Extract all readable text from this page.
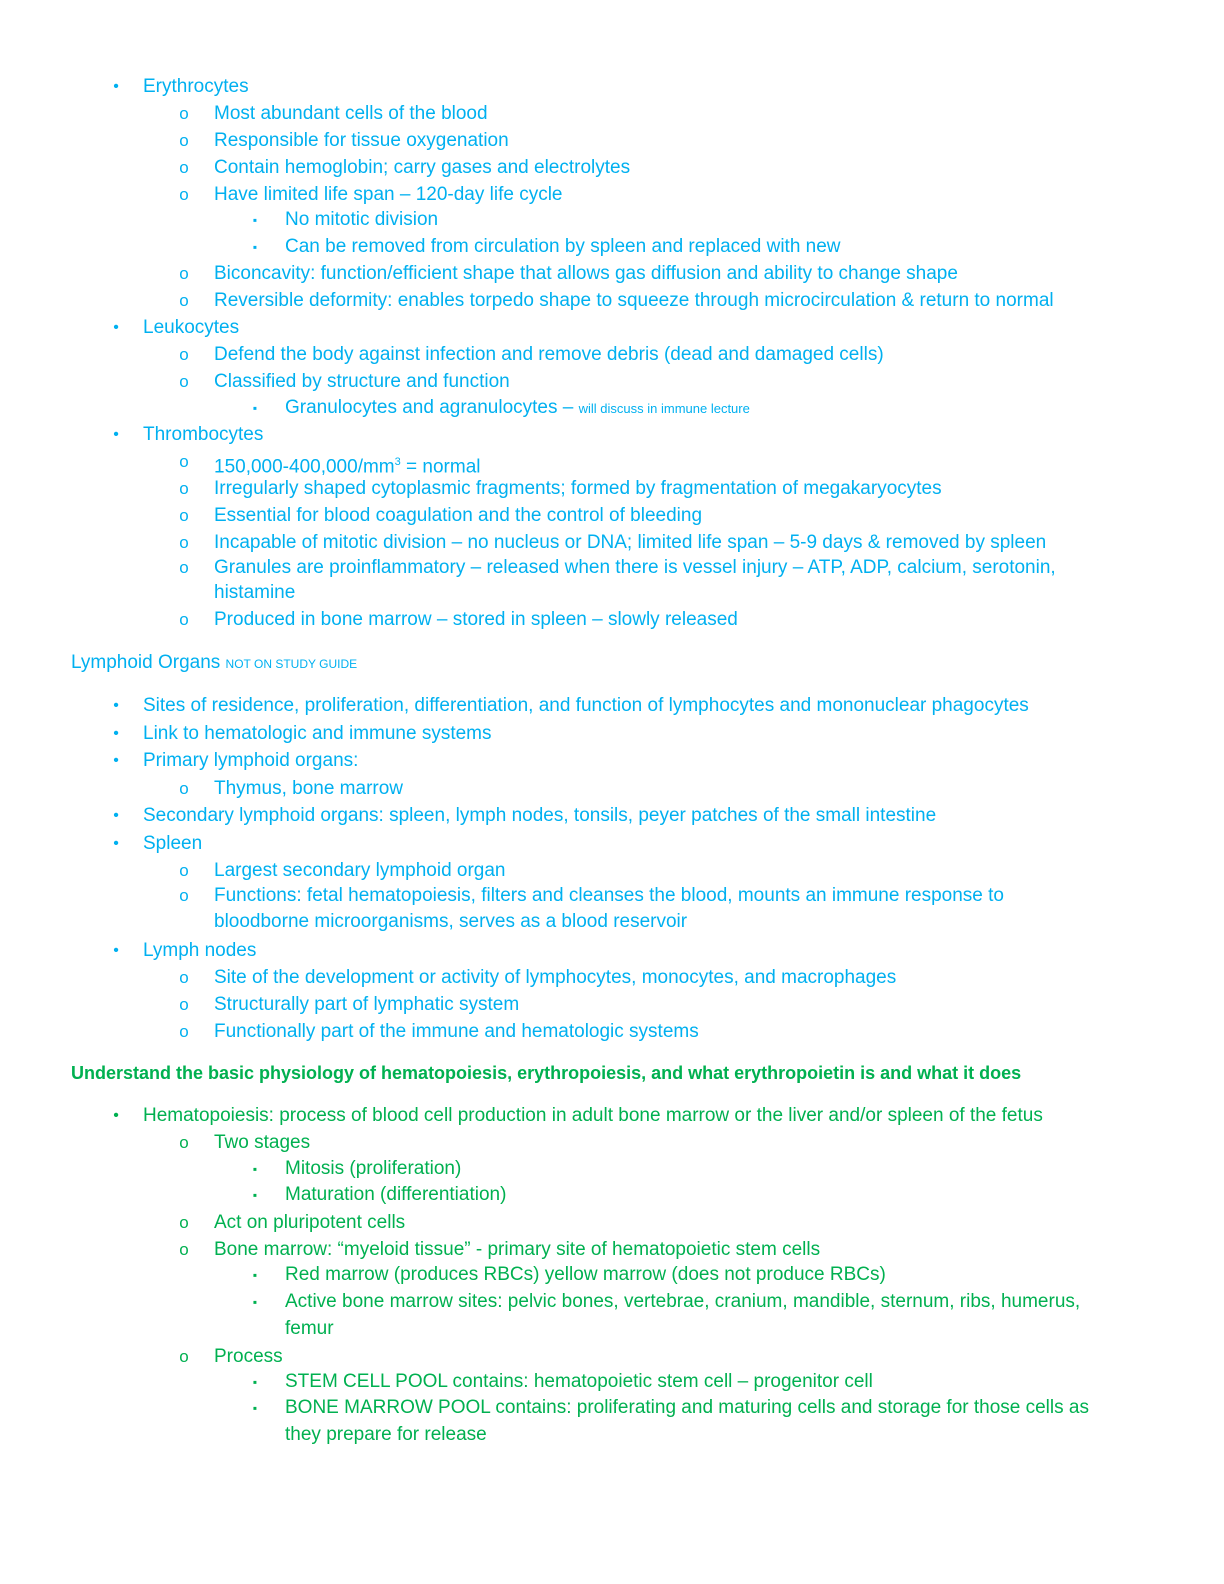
•	Erythrocytes
o	Most abundant cells of the blood
o	Responsible for tissue oxygenation
o	Contain hemoglobin; carry gases and electrolytes
o	Have limited life span – 120-day life cycle
▪	No mitotic division
▪	Can be removed from circulation by spleen and replaced with new
o	Biconcavity: function/efficient shape that allows gas diffusion and ability to change shape
o	Reversible deformity: enables torpedo shape to squeeze through microcirculation & return to normal
•	Leukocytes
o	Defend the body against infection and remove debris (dead and damaged cells)
o	Classified by structure and function
▪	Granulocytes and agranulocytes – will discuss in immune lecture
•	Thrombocytes
o	$150,000-400,000/mm^3$ = normal
o	Irregularly shaped cytoplasmic fragments; formed by fragmentation of megakaryocytes
o	Essential for blood coagulation and the control of bleeding
o	Incapable of mitotic division – no nucleus or DNA; limited life span – 5-9 days & removed by spleen
o	Granules are proinflammatory – released when there is vessel injury – ATP, ADP, calcium, serotonin,
histamine
o	Produced in bone marrow – stored in spleen – slowly released
Lymphoid Organs NOT ON STUDY GUIDE
•	Sites of residence, proliferation, differentiation, and function of lymphocytes and mononuclear phagocytes
•	Link to hematologic and immune systems
•	Primary lymphoid organs:
o	Thymus, bone marrow
•	Secondary lymphoid organs: spleen, lymph nodes, tonsils, peyer patches of the small intestine
•	Spleen
o	Largest secondary lymphoid organ
o	Functions: fetal hematopoiesis, filters and cleanses the blood, mounts an immune response to
bloodborne microorganisms, serves as a blood reservoir
•	Lymph nodes
o	Site of the development or activity of lymphocytes, monocytes, and macrophages
o	Structurally part of lymphatic system
o	Functionally part of the immune and hematologic systems
Understand the basic physiology of hematopoiesis, erythropoiesis, and what erythropoietin is and what it does
•	Hematopoiesis: process of blood cell production in adult bone marrow or the liver and/or spleen of the fetus
o	Two stages
▪	Mitosis (proliferation)
▪	Maturation (differentiation)
o	Act on pluripotent cells
o	Bone marrow: “myeloid tissue” - primary site of hematopoietic stem cells
▪	Red marrow (produces RBCs) yellow marrow (does not produce RBCs)
▪	Active bone marrow sites: pelvic bones, vertebrae, cranium, mandible, sternum, ribs, humerus,
femur
o	Process
▪	STEM CELL POOL contains: hematopoietic stem cell – progenitor cell
▪	BONE MARROW POOL contains: proliferating and maturing cells and storage for those cells as
they prepare for release
